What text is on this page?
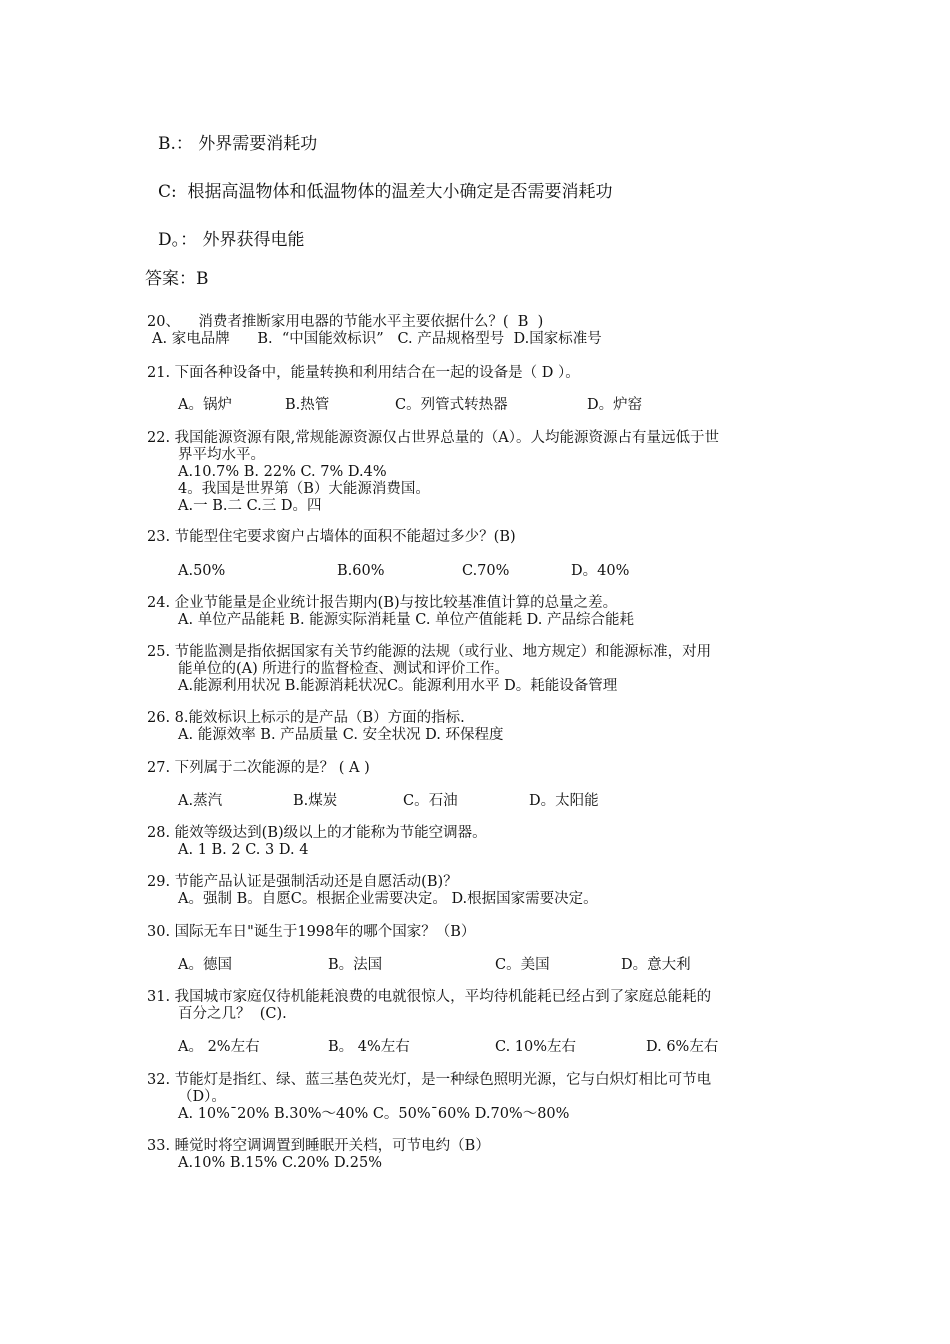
B.： 外界需要消耗功
C:  根据高温物体和低温物体的温差大小确定是否需要消耗功
D。： 外界获得电能
答案：B
20、    消费者推断家用电器的节能水平主要依据什么？(  B  )
A. 家电品牌      B.  “中国能效标识”   C. 产品规格型号  D.国家标准号
21. 下面各种设备中，能量转换和利用结合在一起的设备是（ D ）。
A。锅炉	B.热管	C。列管式转热器	D。炉窑
22. 我国能源资源有限,常规能源资源仅占世界总量的（A）。人均能源资源占有量远低于世
界平均水平。
A.10.7% B. 22% C. 7% D.4%
4。我国是世界第（B）大能源消费国。
A.一 B.二 C.三 D。四
23. 节能型住宅要求窗户占墙体的面积不能超过多少？(B)
A.50%	B.60%	C.70%	D。40%
24. 企业节能量是企业统计报告期内(B)与按比较基准值计算的总量之差。
A. 单位产品能耗 B. 能源实际消耗量 C. 单位产值能耗 D. 产品综合能耗
25. 节能监测是指依据国家有关节约能源的法规（或行业、地方规定）和能源标准，对用
能单位的(A) 所进行的监督检查、测试和评价工作。
A.能源利用状况 B.能源消耗状况C。能源利用水平 D。耗能设备管理
26. 8.能效标识上标示的是产品（B）方面的指标.
A. 能源效率 B. 产品质量 C. 安全状况 D. 环保程度
27. 下列属于二次能源的是？ ( A )
A.蒸汽	B.煤炭	C。石油	D。太阳能
28. 能效等级达到(B)级以上的才能称为节能空调器。
A. 1 B. 2 C. 3 D. 4
29. 节能产品认证是强制活动还是自愿活动(B)？
A。强制 B。自愿C。根据企业需要决定。 D.根据国家需要决定。
30. 国际无车日"诞生于1998年的哪个国家？（B）
A。德国	B。法国	C。美国	D。意大利
31. 我国城市家庭仅待机能耗浪费的电就很惊人，平均待机能耗已经占到了家庭总能耗的
百分之几？  (C).
A。 2%左右	B。 4%左右	C. 10%左右	D. 6%左右
32. 节能灯是指红、绿、蓝三基色荧光灯，是一种绿色照明光源，它与白炽灯相比可节电
（D）。
A. 10%¯20% B.30%～40% C。50%¯60% D.70%～80%
33. 睡觉时将空调调置到睡眠开关档，可节电约（B）
A.10% B.15% C.20% D.25%
